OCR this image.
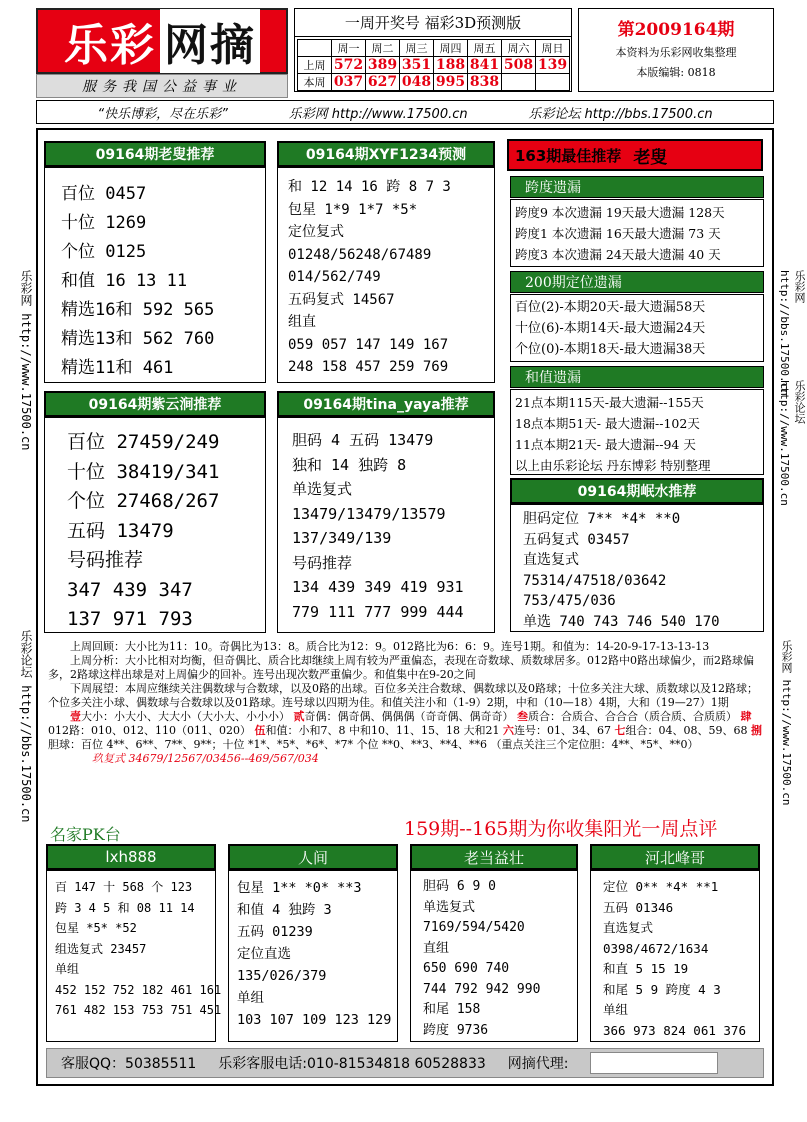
乐彩 网摘
服务我国公益事业
一周开奖号 福彩3D预测版
	周一	周二	周三	周四	周五	周六	周日
上周	572	389	351	188	841	508	139
本周	037	627	048	995	838		
第2009164期
本资料为乐彩网收集整理
本版编辑: 0818
“快乐博彩，尽在乐彩”	乐彩网 http://www.17500.cn	乐彩论坛 http://bbs.17500.cn
乐彩网 http://www.17500.cn
乐彩论坛 http://bbs.17500.cn
乐彩网 http://bbs.17500.cn
乐彩论坛 http://www.17500.cn
乐彩网 http://www.17500.cn
09164期老叟推荐
百位 0457
十位 1269
个位 0125
和值 16 13 11
精选16和 592 565
精选13和 562 760
精选11和 461
09164期XYF1234预测
和 12 14 16 跨 8 7 3
包星 1*9 1*7 *5*
定位复式
01248/56248/67489
014/562/749
五码复式 14567
组直
059 057 147 149 167
248 158 457 259 769
09164期紫云涧推荐
百位 27459/249
十位 38419/341
个位 27468/267
五码 13479
号码推荐
347 439 347
137 971 793
09164期tina_yaya推荐
胆码 4 五码 13479
独和 14 独跨 8
单选复式
13479/13479/13579
137/349/139
号码推荐
134 439 349 419 931
779 111 777 999 444
163期最佳推荐 老叟
跨度遗漏
跨度9 本次遗漏 19天最大遗漏 128天
跨度1 本次遗漏 16天最大遗漏 73 天
跨度3 本次遗漏 24天最大遗漏 40 天
200期定位遗漏
百位(2)-本期20天-最大遗漏58天
十位(6)-本期14天-最大遗漏24天
个位(0)-本期18天-最大遗漏38天
和值遗漏
21点本期115天-最大遗漏--155天
18点本期51天- 最大遗漏--102天
11点本期21天- 最大遗漏--94 天
以上由乐彩论坛 丹东博彩 特别整理
09164期岷水推荐
胆码定位 7** *4* **0
五码复式 03457
直选复式
75314/47518/03642
753/475/036
单选 740 743 746 540 170
上周回顾：大小比为11：10。奇偶比为13：8。质合比为12：9。012路比为6：6：9。连号1期。和值为：14-20-9-17-13-13-13
上周分析：大小比相对均衡，但奇偶比、质合比却继续上周有较为严重偏态，表现在奇数球、质数球居多。012路中0路出球偏少，而2路球偏多，2路球这样出球是对上周偏少的回补。连号出现次数严重偏少。和值集中在9-20之间
下周展望：本周应继续关注偶数球与合数球，以及0路的出球。百位多关注合数球、偶数球以及0路球；十位多关注大球、质数球以及12路球；个位多关注小球、偶数球与合数球以及01路球。连号球以四期为佳。和值关注小和（1-9）2期，中和（10—18）4期，大和（19—27）1期
壹大小：小大小、大大小（大小大、小小小） 贰奇偶：偶奇偶、偶偶偶（奇奇偶、偶奇奇） 叁质合：合质合、合合合（质合质、合质质） 肆012路：010、012、110（011、020） 伍和值：小和7、8 中和10、11、15、18 大和21 六连号：01、34、67 七组合：04、08、59、68 捌胆球：百位 4**、6**、7**、9**；十位 *1*、*5*、*6*、*7* 个位 **0、**3、**4、**6 （重点关注三个定位胆：4**、*5*、**0）
玖复式 34679/12567/03456--469/567/034
名家PK台	159期--165期为你收集阳光一周点评
lxh888
百 147 十 568 个 123
跨 3 4 5 和 08 11 14
包星 *5* *52
组选复式 23457
单组
452 152 752 182 461 161
761 482 153 753 751 451
人间
包星 1** *0* **3
和值 4 独跨 3
五码 01239
定位直选
135/026/379
单组
103 107 109 123 129
老当益壮
胆码 6 9 0
单选复式
7169/594/5420
直组
650 690 740
744 792 942 990
和尾 158
跨度 9736
河北峰哥
定位 0** *4* **1
五码 01346
直选复式
0398/4672/1634
和直 5 15 19
和尾 5 9 跨度 4 3
单组
366 973 824 061 376
客服QQ：50385511 乐彩客服电话:010-81534818 60528833 网摘代理:
